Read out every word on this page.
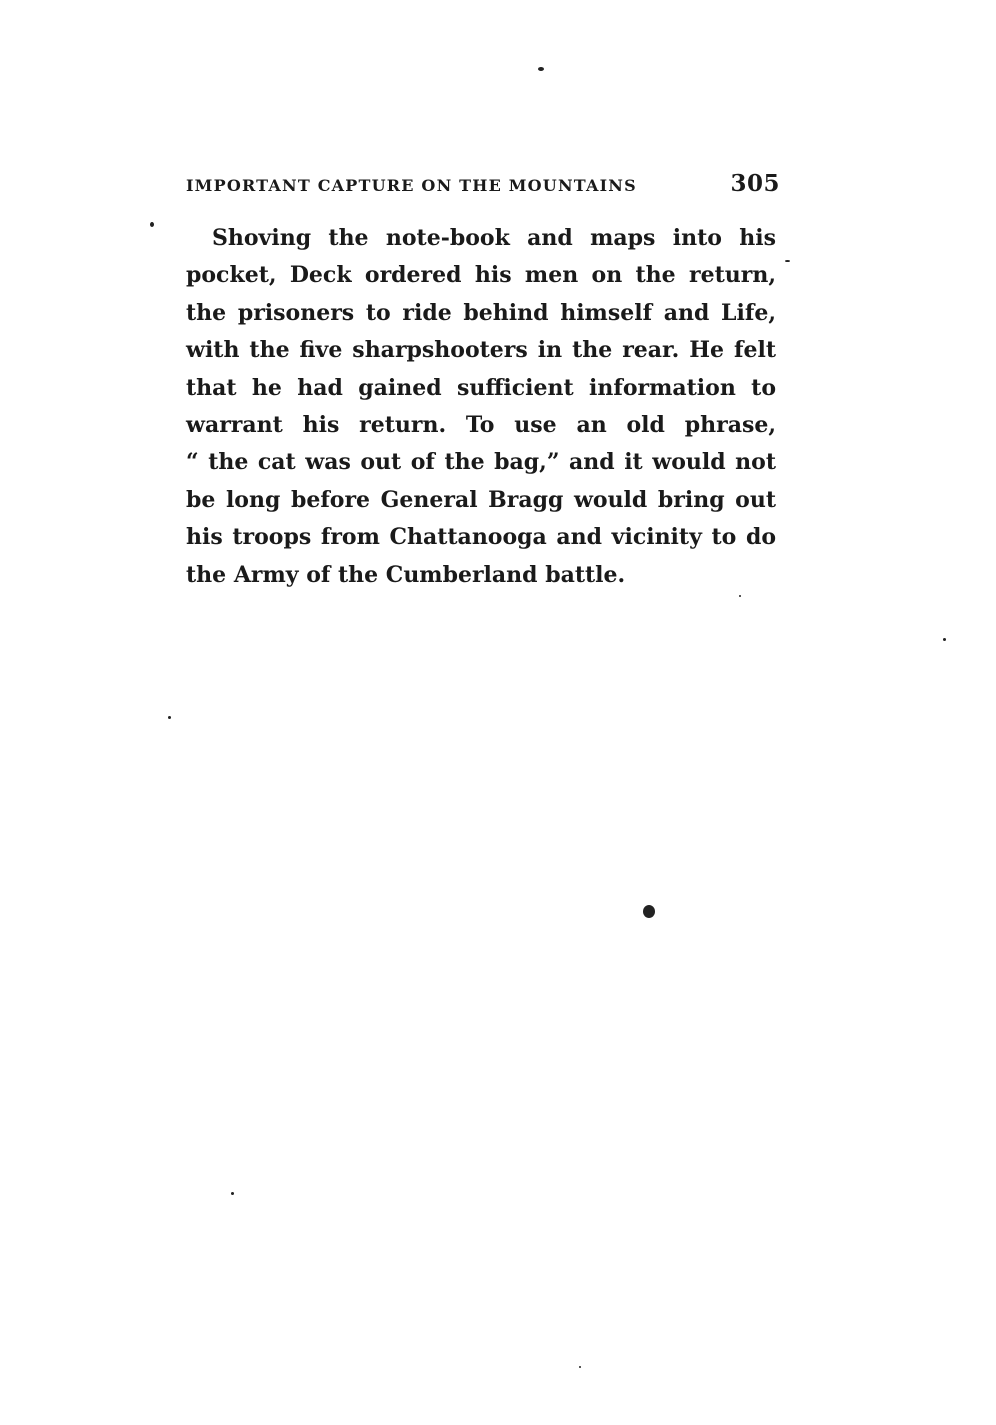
IMPORTANT CAPTURE ON THE MOUNTAINS	305
Shoving the note-book and maps into his
pocket, Deck ordered his men on the return,
the prisoners to ride behind himself and Life,
with the five sharpshooters in the rear. He felt
that he had gained sufficient information to
warrant his return. To use an old phrase,
“ the cat was out of the bag,” and it would not
be long before General Bragg would bring out
his troops from Chattanooga and vicinity to do
the Army of the Cumberland battle.
